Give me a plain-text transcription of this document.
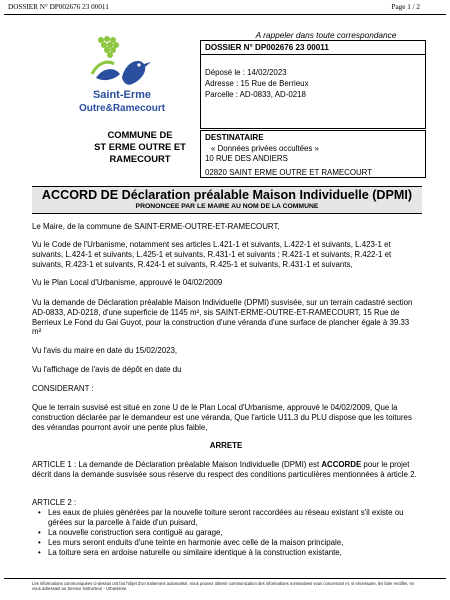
DOSSIER N° DP002676 23 00011	Page 1 / 2
Saint-Erme
Outre&Ramecourt
COMMUNE DE
ST ERME OUTRE ET
RAMECOURT
A rappeler dans toute correspondance
DOSSIER N° DP002676 23 00011
Déposé le : 14/02/2023
Adresse : 15 Rue de Berrieux
Parcelle : AD-0833, AD-0218
DESTINATAIRE
« Données privées occultées »
10 RUE DES ANDIERS
02820 SAINT ERME OUTRE ET RAMECOURT
ACCORD DE Déclaration préalable Maison Individuelle (DPMI)
PRONONCEE PAR LE MAIRE AU NOM DE LA COMMUNE
Le Maire, de la commune de SAINT-ERME-OUTRE-ET-RAMECOURT,
Vu le Code de l'Urbanisme, notamment ses articles L.421-1 et suivants, L.422-1 et suivants, L.423-1 et suivants, L.424-1 et suivants, L.425-1 et suivants, R.431-1 et suivants ; R.421-1 et suivants, R.422-1 et suivants, R.423-1 et suivants, R.424-1 et suivants, R.425-1 et suivants, R.431-1 et suivants,
Vu le Plan Local d'Urbanisme, approuvé le 04/02/2009
Vu la demande de Déclaration préalable Maison Individuelle (DPMI) susvisée, sur un terrain cadastré section AD-0833, AD-0218, d'une superficie de 1145 m², sis SAINT-ERME-OUTRE-ET-RAMECOURT, 15 Rue de Berrieux Le Fond du Gai Guyot, pour la construction d'une véranda d'une surface de plancher égale à 39.33 m²
Vu l'avis du maire en date du 15/02/2023,
Vu l'affichage de l'avis de dépôt en date du
CONSIDERANT :
Que le terrain susvisé est situé en zone U de le Plan Local d'Urbanisme, approuvé le 04/02/2009, Que la construction déclarée par le demandeur est une véranda, Que l'article U11.3 du PLU dispose que les toitures des vérandas pourront avoir une pente plus faible,
ARRETE
ARTICLE 1 : La demande de Déclaration préalable Maison Individuelle (DPMI) est ACCORDE pour le projet décrit dans la demande susvisée sous réserve du respect des conditions particulières mentionnées à article 2.
ARTICLE 2 :
• Les eaux de pluies générées par la nouvelle toiture seront raccordées au réseau existant s'il existe ou gérées sur la parcelle à l'aide d'un puisard,
• La nouvelle construction sera contiguë au garage,
• Les murs seront enduits d'une teinte en harmonie avec celle de la maison principale,
• La toiture sera en ardoise naturelle ou similaire identique à la construction existante,
Les informations communiquées ci-dessus ont fait l'objet d'un traitement automatisé. Vous pouvez obtenir communication des informations nominatives vous concernant et, si nécessaire, les faire rectifier, en
vous adressant au Service Instructeur - Urbanisme.
